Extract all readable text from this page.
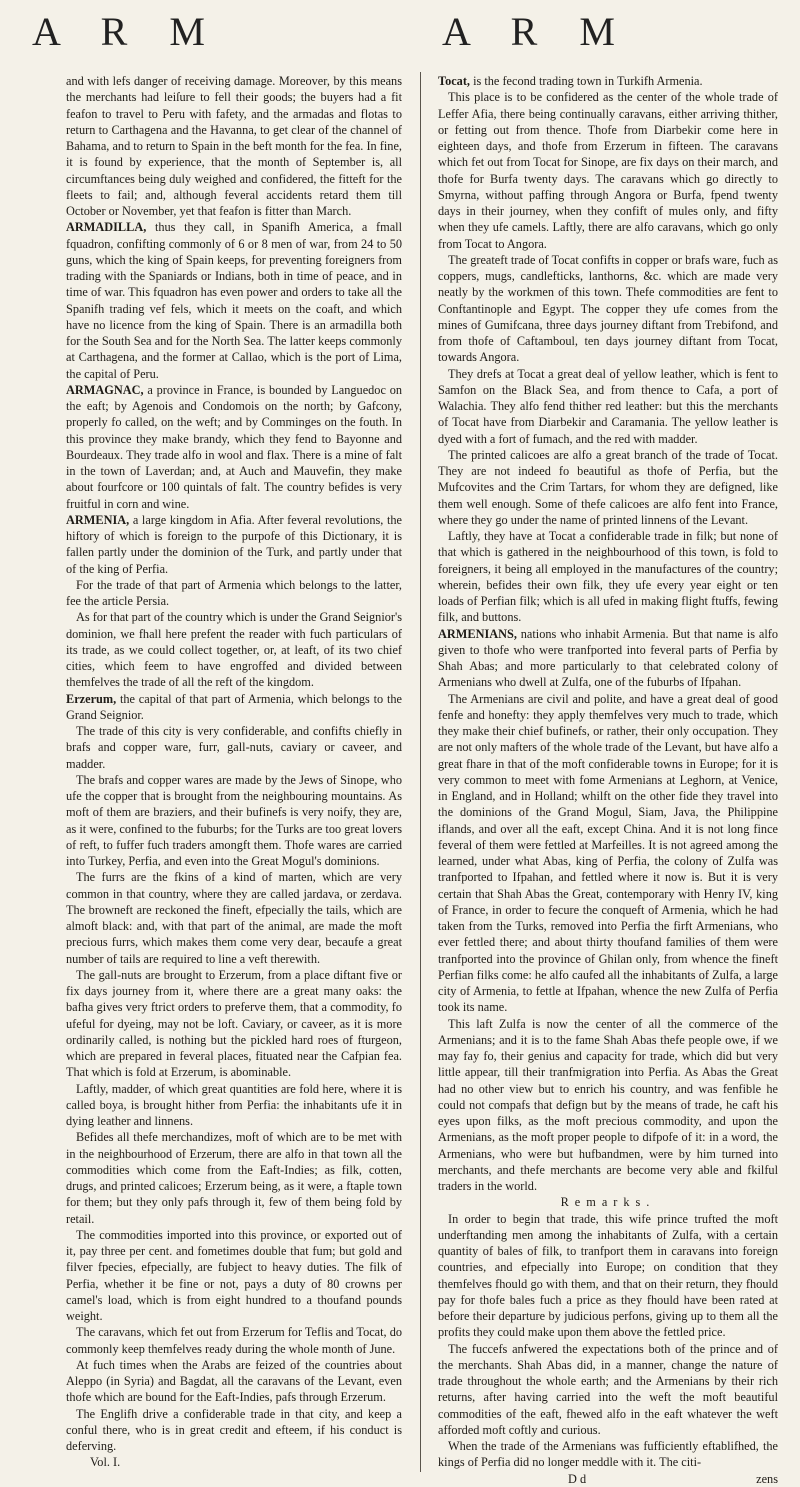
A R M	A R M

and with lefs danger of receiving damage. Moreover, by this means the merchants had leiſure to fell their goods; the buyers had a fit feafon to travel to Peru with fafety, and the armadas and flotas to return to Carthagena and the Havanna, to get clear of the channel of Bahama, and to return to Spain in the beft month for the fea. In fine, it is found by experience, that the month of September is, all circumftances being duly weighed and confidered, the fitteft for the fleets to fail; and, although feveral accidents retard them till October or November, yet that feafon is fitter than March.

ARMADILLA, thus they call, in Spanifh America, a fmall fquadron, confifting commonly of 6 or 8 men of war, from 24 to 50 guns, which the king of Spain keeps, for preventing foreigners from trading with the Spaniards or Indians, both in time of peace, and in time of war. This fquadron has even power and orders to take all the Spanifh trading vef fels, which it meets on the coaft, and which have no licence from the king of Spain. There is an armadilla both for the South Sea and for the North Sea. The latter keeps commonly at Carthagena, and the former at Callao, which is the port of Lima, the capital of Peru.

ARMAGNAC, a province in France, is bounded by Languedoc on the eaft; by Agenois and Condomois on the north; by Gafcony, properly fo called, on the weft; and by Comminges on the fouth. In this province they make brandy, which they fend to Bayonne and Bourdeaux. They trade alfo in wool and flax. There is a mine of falt in the town of Laverdan; and, at Auch and Mauvefin, they make about fourfcore or 100 quintals of falt. The country befides is very fruitful in corn and wine.

ARMENIA, a large kingdom in Afia. After feveral revolutions, the hiftory of which is foreign to the purpofe of this Dictionary, it is fallen partly under the dominion of the Turk, and partly under that of the king of Perfia.

For the trade of that part of Armenia which belongs to the latter, fee the article Persia.

As for that part of the country which is under the Grand Seignior's dominion, we fhall here prefent the reader with fuch particulars of its trade, as we could collect together, or, at leaft, of its two chief cities, which feem to have engroffed and divided between themfelves the trade of all the reft of the kingdom.

Erzerum, the capital of that part of Armenia, which belongs to the Grand Seignior.

The trade of this city is very confiderable, and confifts chiefly in brafs and copper ware, furr, gall-nuts, caviary or caveer, and madder.

The brafs and copper wares are made by the Jews of Sinope, who ufe the copper that is brought from the neighbouring mountains. As moft of them are braziers, and their bufinefs is very noify, they are, as it were, confined to the fuburbs; for the Turks are too great lovers of reft, to fuffer fuch traders amongft them. Thofe wares are carried into Turkey, Perfia, and even into the Great Mogul's dominions.

The furrs are the fkins of a kind of marten, which are very common in that country, where they are called jardava, or zerdava. The browneft are reckoned the fineft, efpecially the tails, which are almoft black: and, with that part of the animal, are made the moft precious furrs, which makes them come very dear, becaufe a great number of tails are required to line a veft therewith.

The gall-nuts are brought to Erzerum, from a place diftant five or fix days journey from it, where there are a great many oaks: the bafha gives very ftrict orders to preferve them, that a commodity, fo ufeful for dyeing, may not be loft. Caviary, or caveer, as it is more ordinarily called, is nothing but the pickled hard roes of fturgeon, which are prepared in feveral places, fituated near the Cafpian fea. That which is fold at Erzerum, is abominable.

Laftly, madder, of which great quantities are fold here, where it is called boya, is brought hither from Perfia: the inhabitants ufe it in dying leather and linnens.

Befides all thefe merchandizes, moft of which are to be met with in the neighbourhood of Erzerum, there are alfo in that town all the commodities which come from the Eaft-Indies; as filk, cotten, drugs, and printed calicoes; Erzerum being, as it were, a ftaple town for them; but they only pafs through it, few of them being fold by retail.

The commodities imported into this province, or exported out of it, pay three per cent. and fometimes double that fum; but gold and filver fpecies, efpecially, are fubject to heavy duties. The filk of Perfia, whether it be fine or not, pays a duty of 80 crowns per camel's load, which is from eight hundred to a thoufand pounds weight.

The caravans, which fet out from Erzerum for Teflis and Tocat, do commonly keep themfelves ready during the whole month of June.

At fuch times when the Arabs are feized of the countries about Aleppo (in Syria) and Bagdat, all the caravans of the Levant, even thofe which are bound for the Eaft-Indies, pafs through Erzerum.

The Englifh drive a confiderable trade in that city, and keep a conful there, who is in great credit and efteem, if his conduct is deferving.

Vol. I.

Tocat, is the fecond trading town in Turkifh Armenia.

This place is to be confidered as the center of the whole trade of Leffer Afia, there being continually caravans, either arriving thither, or fetting out from thence. Thofe from Diarbekir come here in eighteen days, and thofe from Erzerum in fifteen. The caravans which fet out from Tocat for Sinope, are fix days on their march, and thofe for Burfa twenty days. The caravans which go directly to Smyrna, without paffing through Angora or Burfa, fpend twenty days in their journey, when they confift of mules only, and fifty when they ufe camels. Laftly, there are alfo caravans, which go only from Tocat to Angora.

The greateft trade of Tocat confifts in copper or brafs ware, fuch as coppers, mugs, candlefticks, lanthorns, &c. which are made very neatly by the workmen of this town. Thefe commodities are fent to Conftantinople and Egypt. The copper they ufe comes from the mines of Gumifcana, three days journey diftant from Trebifond, and from thofe of Caftamboul, ten days journey diftant from Tocat, towards Angora.

They drefs at Tocat a great deal of yellow leather, which is fent to Samfon on the Black Sea, and from thence to Cafa, a port of Walachia. They alfo fend thither red leather: but this the merchants of Tocat have from Diarbekir and Caramania. The yellow leather is dyed with a fort of fumach, and the red with madder.

The printed calicoes are alfo a great branch of the trade of Tocat. They are not indeed fo beautiful as thofe of Perfia, but the Mufcovites and the Crim Tartars, for whom they are defigned, like them well enough. Some of thefe calicoes are alfo fent into France, where they go under the name of printed linnens of the Levant.

Laftly, they have at Tocat a confiderable trade in filk; but none of that which is gathered in the neighbourhood of this town, is fold to foreigners, it being all employed in the manufactures of the country; wherein, befides their own filk, they ufe every year eight or ten loads of Perfian filk; which is all ufed in making flight ftuffs, fewing filk, and buttons.

ARMENIANS, nations who inhabit Armenia. But that name is alfo given to thofe who were tranfported into feveral parts of Perfia by Shah Abas; and more particularly to that celebrated colony of Armenians who dwell at Zulfa, one of the fuburbs of Ifpahan.

The Armenians are civil and polite, and have a great deal of good fenfe and honefty: they apply themfelves very much to trade, which they make their chief bufinefs, or rather, their only occupation. They are not only mafters of the whole trade of the Levant, but have alfo a great fhare in that of the moft confiderable towns in Europe; for it is very common to meet with fome Armenians at Leghorn, at Venice, in England, and in Holland; whilft on the other fide they travel into the dominions of the Grand Mogul, Siam, Java, the Philippine iflands, and over all the eaft, except China. And it is not long fince feveral of them were fettled at Marfeilles. It is not agreed among the learned, under what Abas, king of Perfia, the colony of Zulfa was tranfported to Ifpahan, and fettled where it now is. But it is very certain that Shah Abas the Great, contemporary with Henry IV, king of France, in order to fecure the conqueft of Armenia, which he had taken from the Turks, removed into Perfia the firft Armenians, who ever fettled there; and about thirty thoufand families of them were tranfported into the province of Ghilan only, from whence the fineft Perfian filks come: he alfo caufed all the inhabitants of Zulfa, a large city of Armenia, to fettle at Ifpahan, whence the new Zulfa of Perfia took its name.

This laft Zulfa is now the center of all the commerce of the Armenians; and it is to the fame Shah Abas thefe people owe, if we may fay fo, their genius and capacity for trade, which did but very little appear, till their tranfmigration into Perfia. As Abas the Great had no other view but to enrich his country, and was fenfible he could not compafs that defign but by the means of trade, he caft his eyes upon filks, as the moft precious commodity, and upon the Armenians, as the moft proper people to difpofe of it: in a word, the Armenians, who were but hufbandmen, were by him turned into merchants, and thefe merchants are become very able and fkilful traders in the world.

Remarks.

In order to begin that trade, this wife prince trufted the moft underftanding men among the inhabitants of Zulfa, with a certain quantity of bales of filk, to tranfport them in caravans into foreign countries, and efpecially into Europe; on condition that they themfelves fhould go with them, and that on their return, they fhould pay for thofe bales fuch a price as they fhould have been rated at before their departure by judicious perfons, giving up to them all the profits they could make upon them above the fettled price.

The fuccefs anfwered the expectations both of the prince and of the merchants. Shah Abas did, in a manner, change the nature of trade throughout the whole earth; and the Armenians by their rich returns, after having carried into the weft the moft beautiful commodities of the eaft, fhewed alfo in the eaft whatever the weft afforded moft coftly and curious.

When the trade of the Armenians was fufficiently eftablifhed, the kings of Perfia did no longer meddle with it. The citi-

D d	zens
